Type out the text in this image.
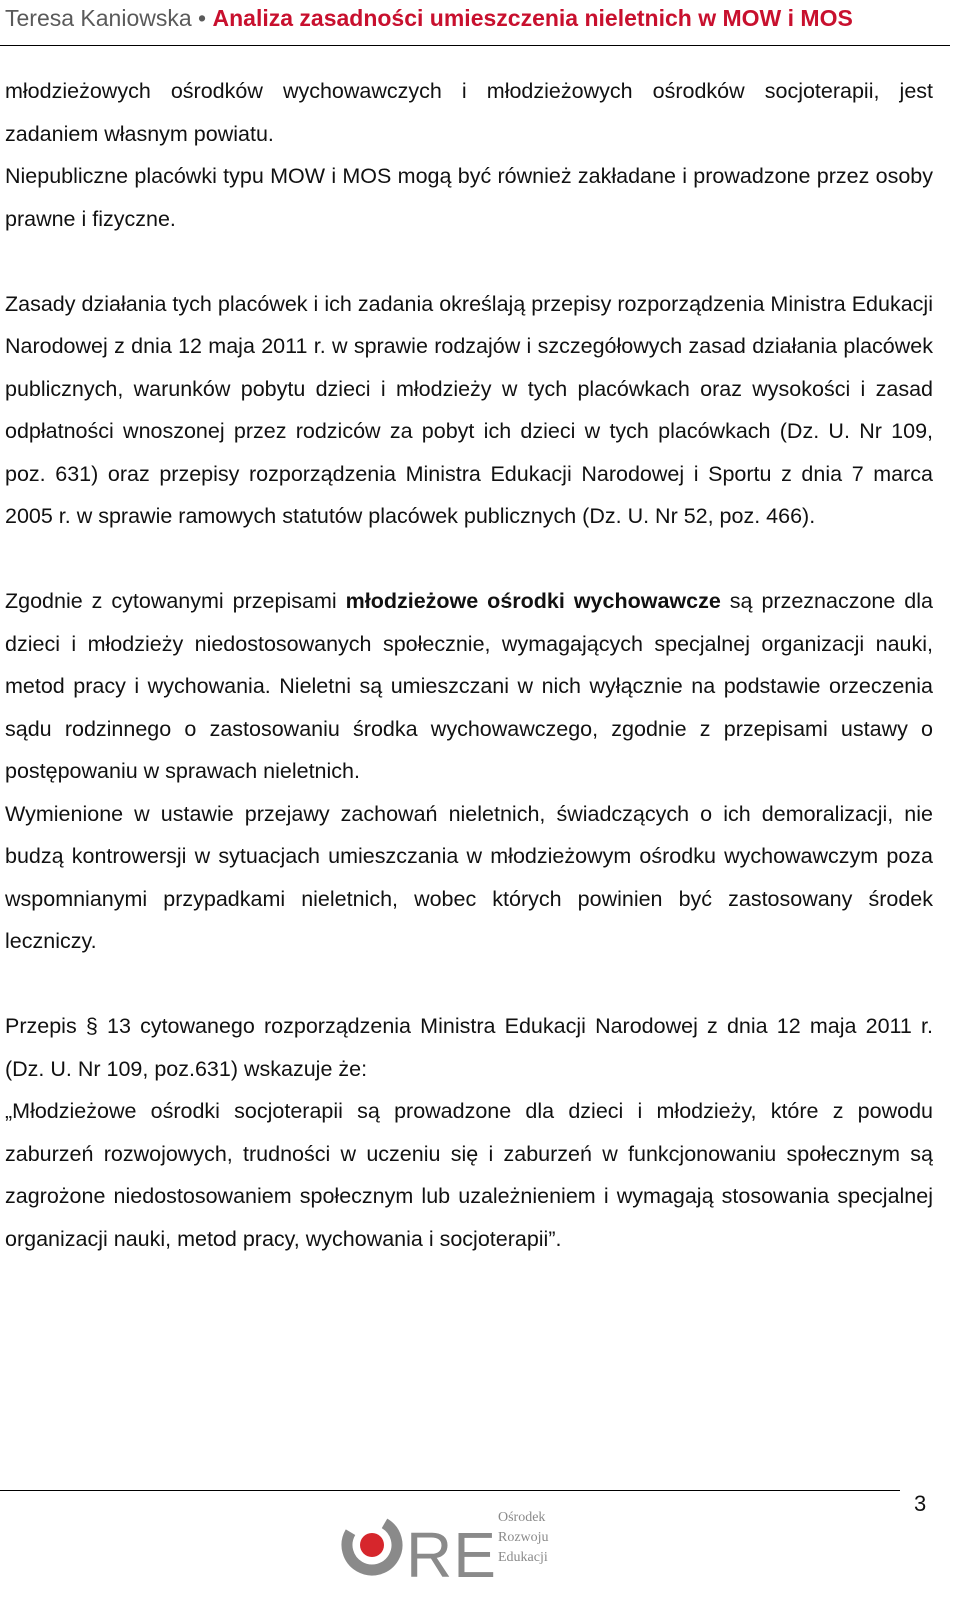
Teresa Kaniowska • Analiza zasadności umieszczenia nieletnich w MOW i MOS

młodzieżowych ośrodków wychowawczych i młodzieżowych ośrodków socjoterapii, jest zadaniem własnym powiatu.

Niepubliczne placówki typu MOW i MOS mogą być również zakładane i prowadzone przez osoby prawne i fizyczne.

Zasady działania tych placówek i ich zadania określają przepisy rozporządzenia Ministra Edukacji Narodowej z dnia 12 maja 2011 r. w sprawie rodzajów i szczegółowych zasad działania placówek publicznych, warunków pobytu dzieci i młodzieży w tych placówkach oraz wysokości i zasad odpłatności wnoszonej przez rodziców za pobyt ich dzieci w tych placówkach (Dz. U. Nr 109, poz. 631) oraz przepisy rozporządzenia Ministra Edukacji Narodowej i Sportu z dnia 7 marca 2005 r. w sprawie ramowych statutów placówek publicznych (Dz. U. Nr 52, poz. 466).

Zgodnie z cytowanymi przepisami młodzieżowe ośrodki wychowawcze są przeznaczone dla dzieci i młodzieży niedostosowanych społecznie, wymagających specjalnej organizacji nauki, metod pracy i wychowania. Nieletni są umieszczani w nich wyłącznie na podstawie orzeczenia sądu rodzinnego o zastosowaniu środka wychowawczego, zgodnie z przepisami ustawy o postępowaniu w sprawach nieletnich.

Wymienione w ustawie przejawy zachowań nieletnich, świadczących o ich demoralizacji, nie budzą kontrowersji w sytuacjach umieszczania w młodzieżowym ośrodku wychowawczym poza wspomnianymi przypadkami nieletnich, wobec których powinien być zastosowany środek leczniczy.

Przepis § 13 cytowanego rozporządzenia Ministra Edukacji Narodowej z dnia 12 maja 2011 r. (Dz. U. Nr 109, poz.631) wskazuje że:

„Młodzieżowe ośrodki socjoterapii są prowadzone dla dzieci i młodzieży, które z powodu zaburzeń rozwojowych, trudności w uczeniu się i zaburzeń w funkcjonowaniu społecznym są zagrożone niedostosowaniem społecznym lub uzależnieniem i wymagają stosowania specjalnej organizacji nauki, metod pracy, wychowania i socjoterapii”.

3
RE
Ośrodek
Rozwoju
Edukacji
